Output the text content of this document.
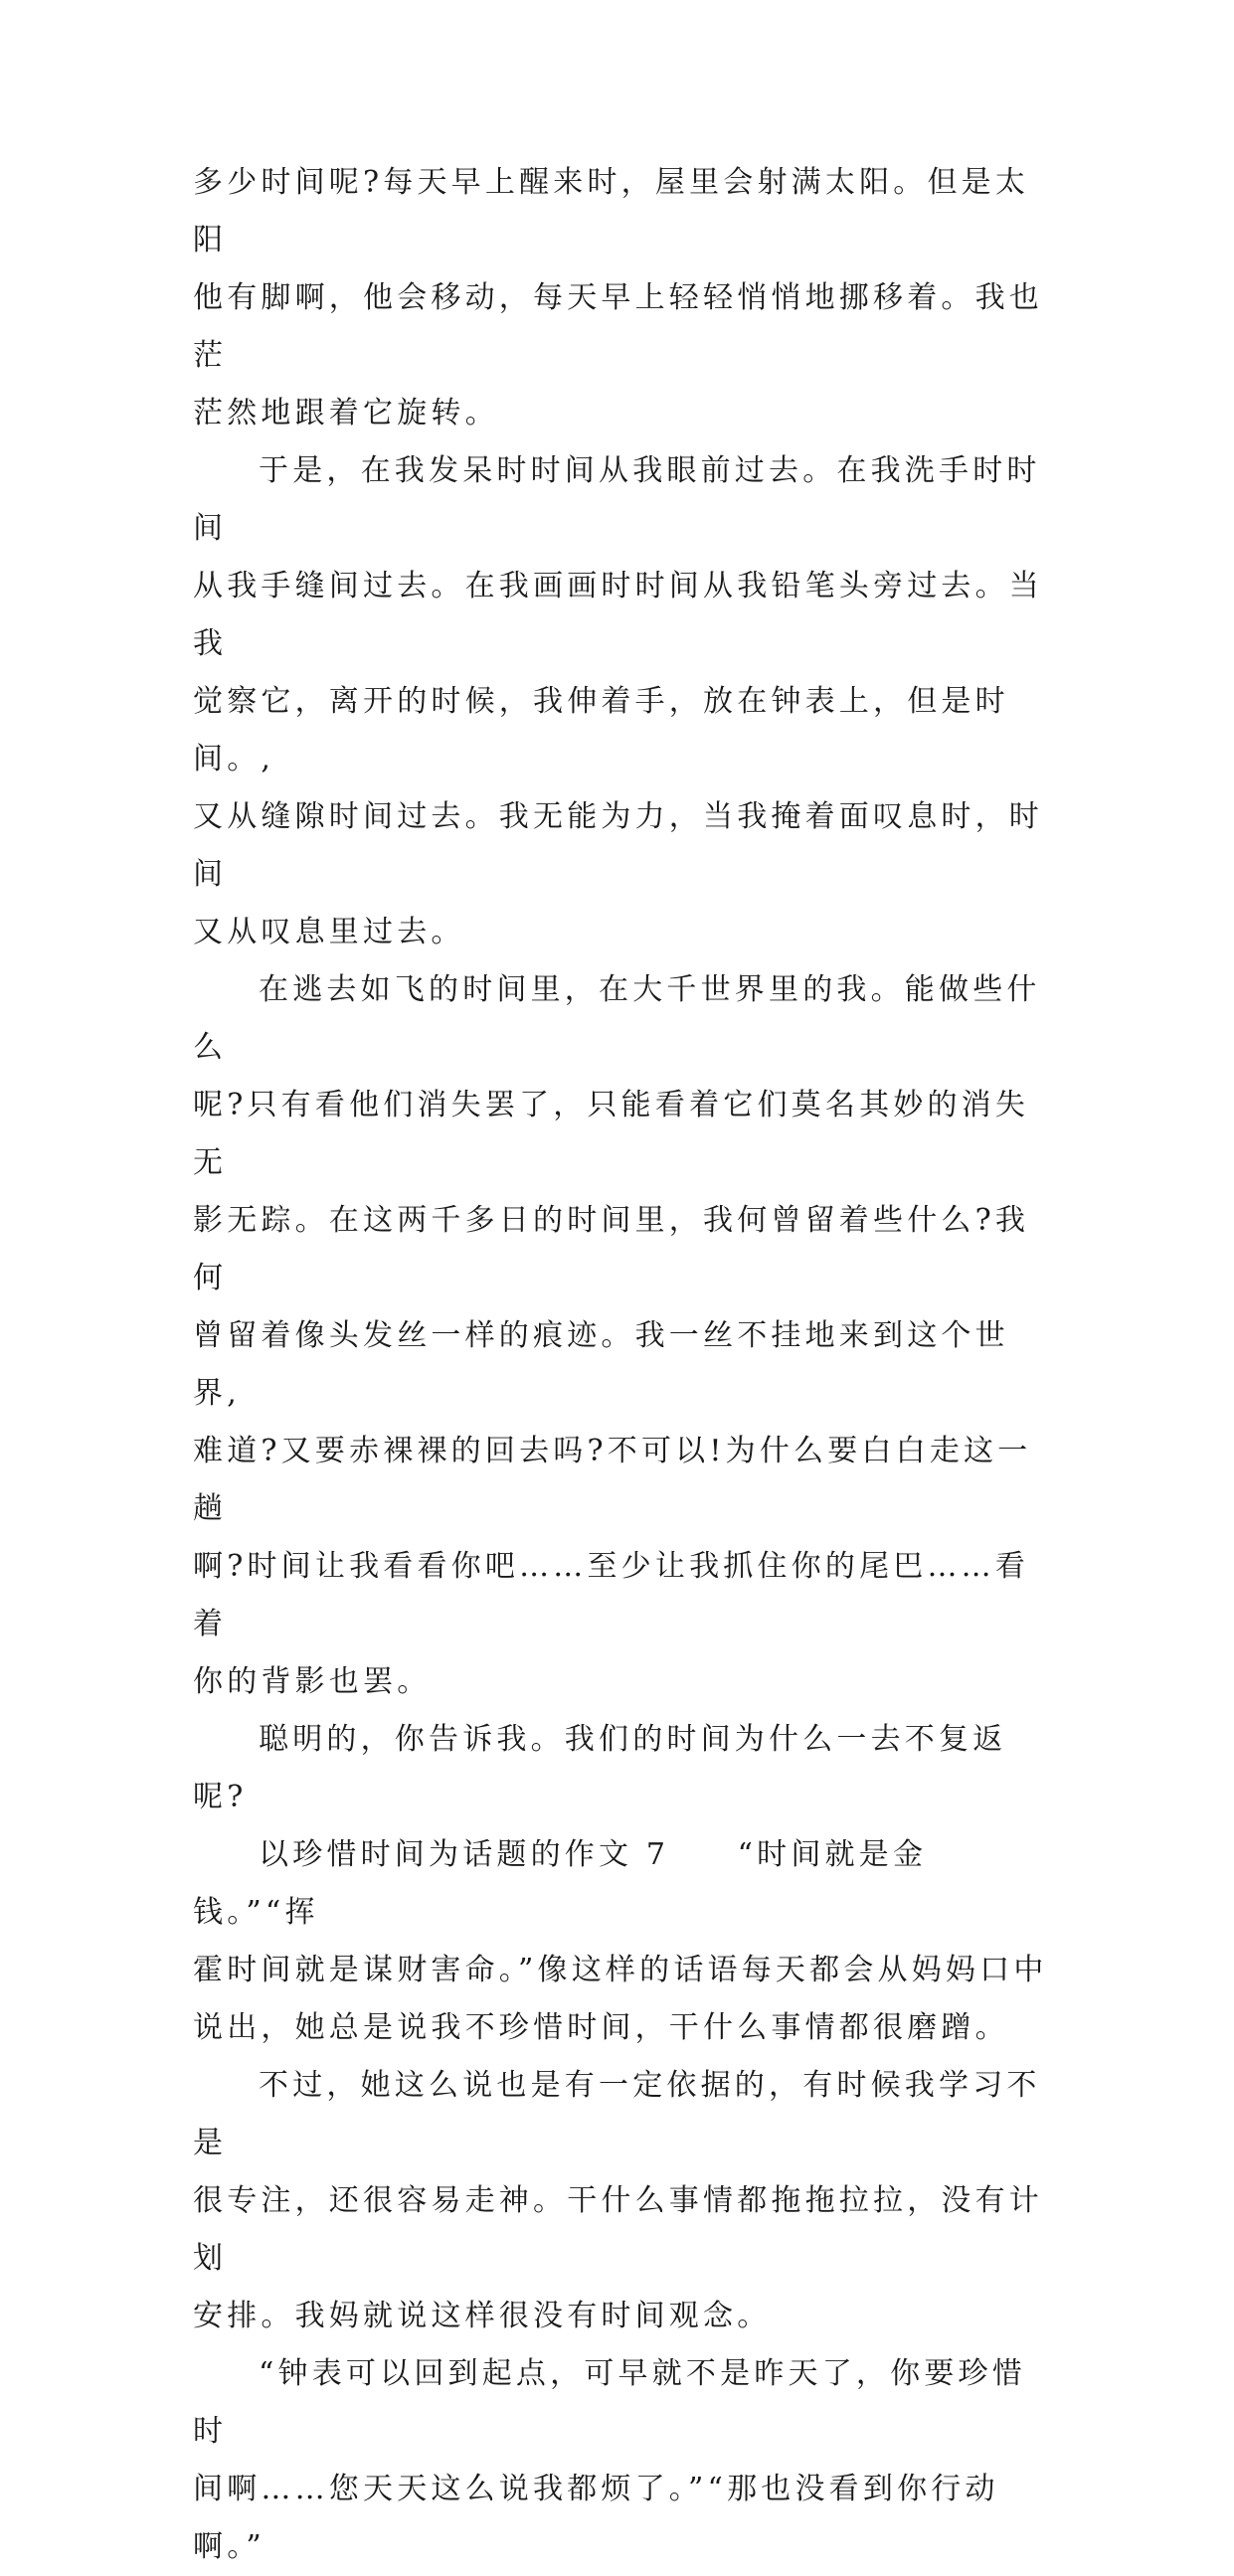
多少时间呢?每天早上醒来时，屋里会射满太阳。但是太阳
他有脚啊，他会移动，每天早上轻轻悄悄地挪移着。我也茫
茫然地跟着它旋转。

于是，在我发呆时时间从我眼前过去。在我洗手时时间
从我手缝间过去。在我画画时时间从我铅笔头旁过去。当我
觉察它，离开的时候，我伸着手，放在钟表上，但是时间。,
又从缝隙时间过去。我无能为力，当我掩着面叹息时，时间
又从叹息里过去。

在逃去如飞的时间里，在大千世界里的我。能做些什么
呢?只有看他们消失罢了，只能看着它们莫名其妙的消失无
影无踪。在这两千多日的时间里，我何曾留着些什么?我何
曾留着像头发丝一样的痕迹。我一丝不挂地来到这个世界,
难道?又要赤裸裸的回去吗?不可以!为什么要白白走这一趟
啊?时间让我看看你吧……至少让我抓住你的尾巴……看着
你的背影也罢。

聪明的，你告诉我。我们的时间为什么一去不复返呢?

以珍惜时间为话题的作文 7　　“时间就是金钱。”“挥
霍时间就是谋财害命。”像这样的话语每天都会从妈妈口中
说出，她总是说我不珍惜时间，干什么事情都很磨蹭。

不过，她这么说也是有一定依据的，有时候我学习不是
很专注，还很容易走神。干什么事情都拖拖拉拉，没有计划
安排。我妈就说这样很没有时间观念。

“钟表可以回到起点，可早就不是昨天了，你要珍惜时
间啊……您天天这么说我都烦了。”“那也没看到你行动啊。”
